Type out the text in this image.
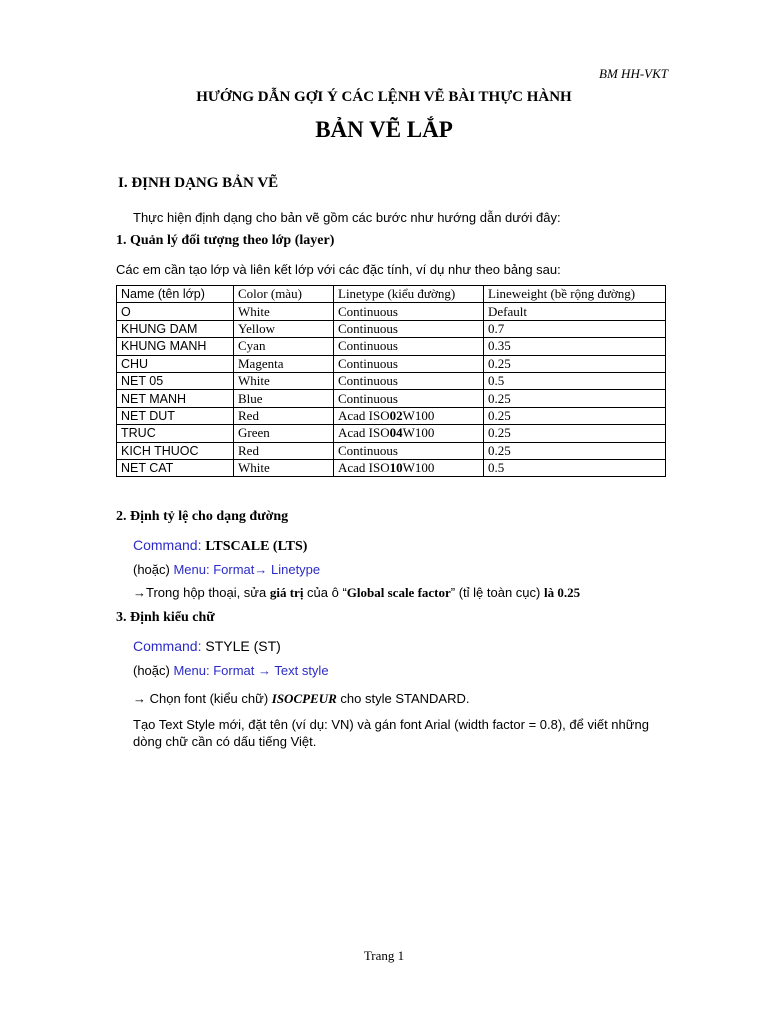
BM HH-VKT
HƯỚNG DẪN GỢI Ý CÁC LỆNH VẼ BÀI THỰC HÀNH
BẢN VẼ LẮP
I. ĐỊNH DẠNG BẢN VẼ
Thực hiện định dạng cho bản vẽ gồm các bước như hướng dẫn dưới đây:
1. Quản lý đối tượng theo lớp (layer)
Các em cần tạo lớp và liên kết lớp với các đặc tính, ví dụ như theo bảng sau:
Name (tên lớp)	Color (màu)	Linetype (kiểu đường)	Lineweight (bề rộng đường)
O	White	Continuous	Default
KHUNG DAM	Yellow	Continuous	0.7
KHUNG MANH	Cyan	Continuous	0.35
CHU	Magenta	Continuous	0.25
NET 05	White	Continuous	0.5
NET MANH	Blue	Continuous	0.25
NET DUT	Red	Acad ISO02W100	0.25
TRUC	Green	Acad ISO04W100	0.25
KICH THUOC	Red	Continuous	0.25
NET CAT	White	Acad ISO10W100	0.5
2. Định tỷ lệ cho dạng đường
Command: LTSCALE (LTS)
(hoặc) Menu: Format→ Linetype
→Trong hộp thoại, sửa giá trị của ô “Global scale factor” (tỉ lệ toàn cục) là 0.25
3. Định kiểu chữ
Command: STYLE (ST)
(hoặc) Menu: Format → Text style
→ Chọn font (kiểu chữ) ISOCPEUR cho style STANDARD.
Tạo Text Style mới, đặt tên (ví dụ: VN) và gán font Arial (width factor = 0.8), để viết những dòng chữ cần có dấu tiếng Việt.
Trang 1
